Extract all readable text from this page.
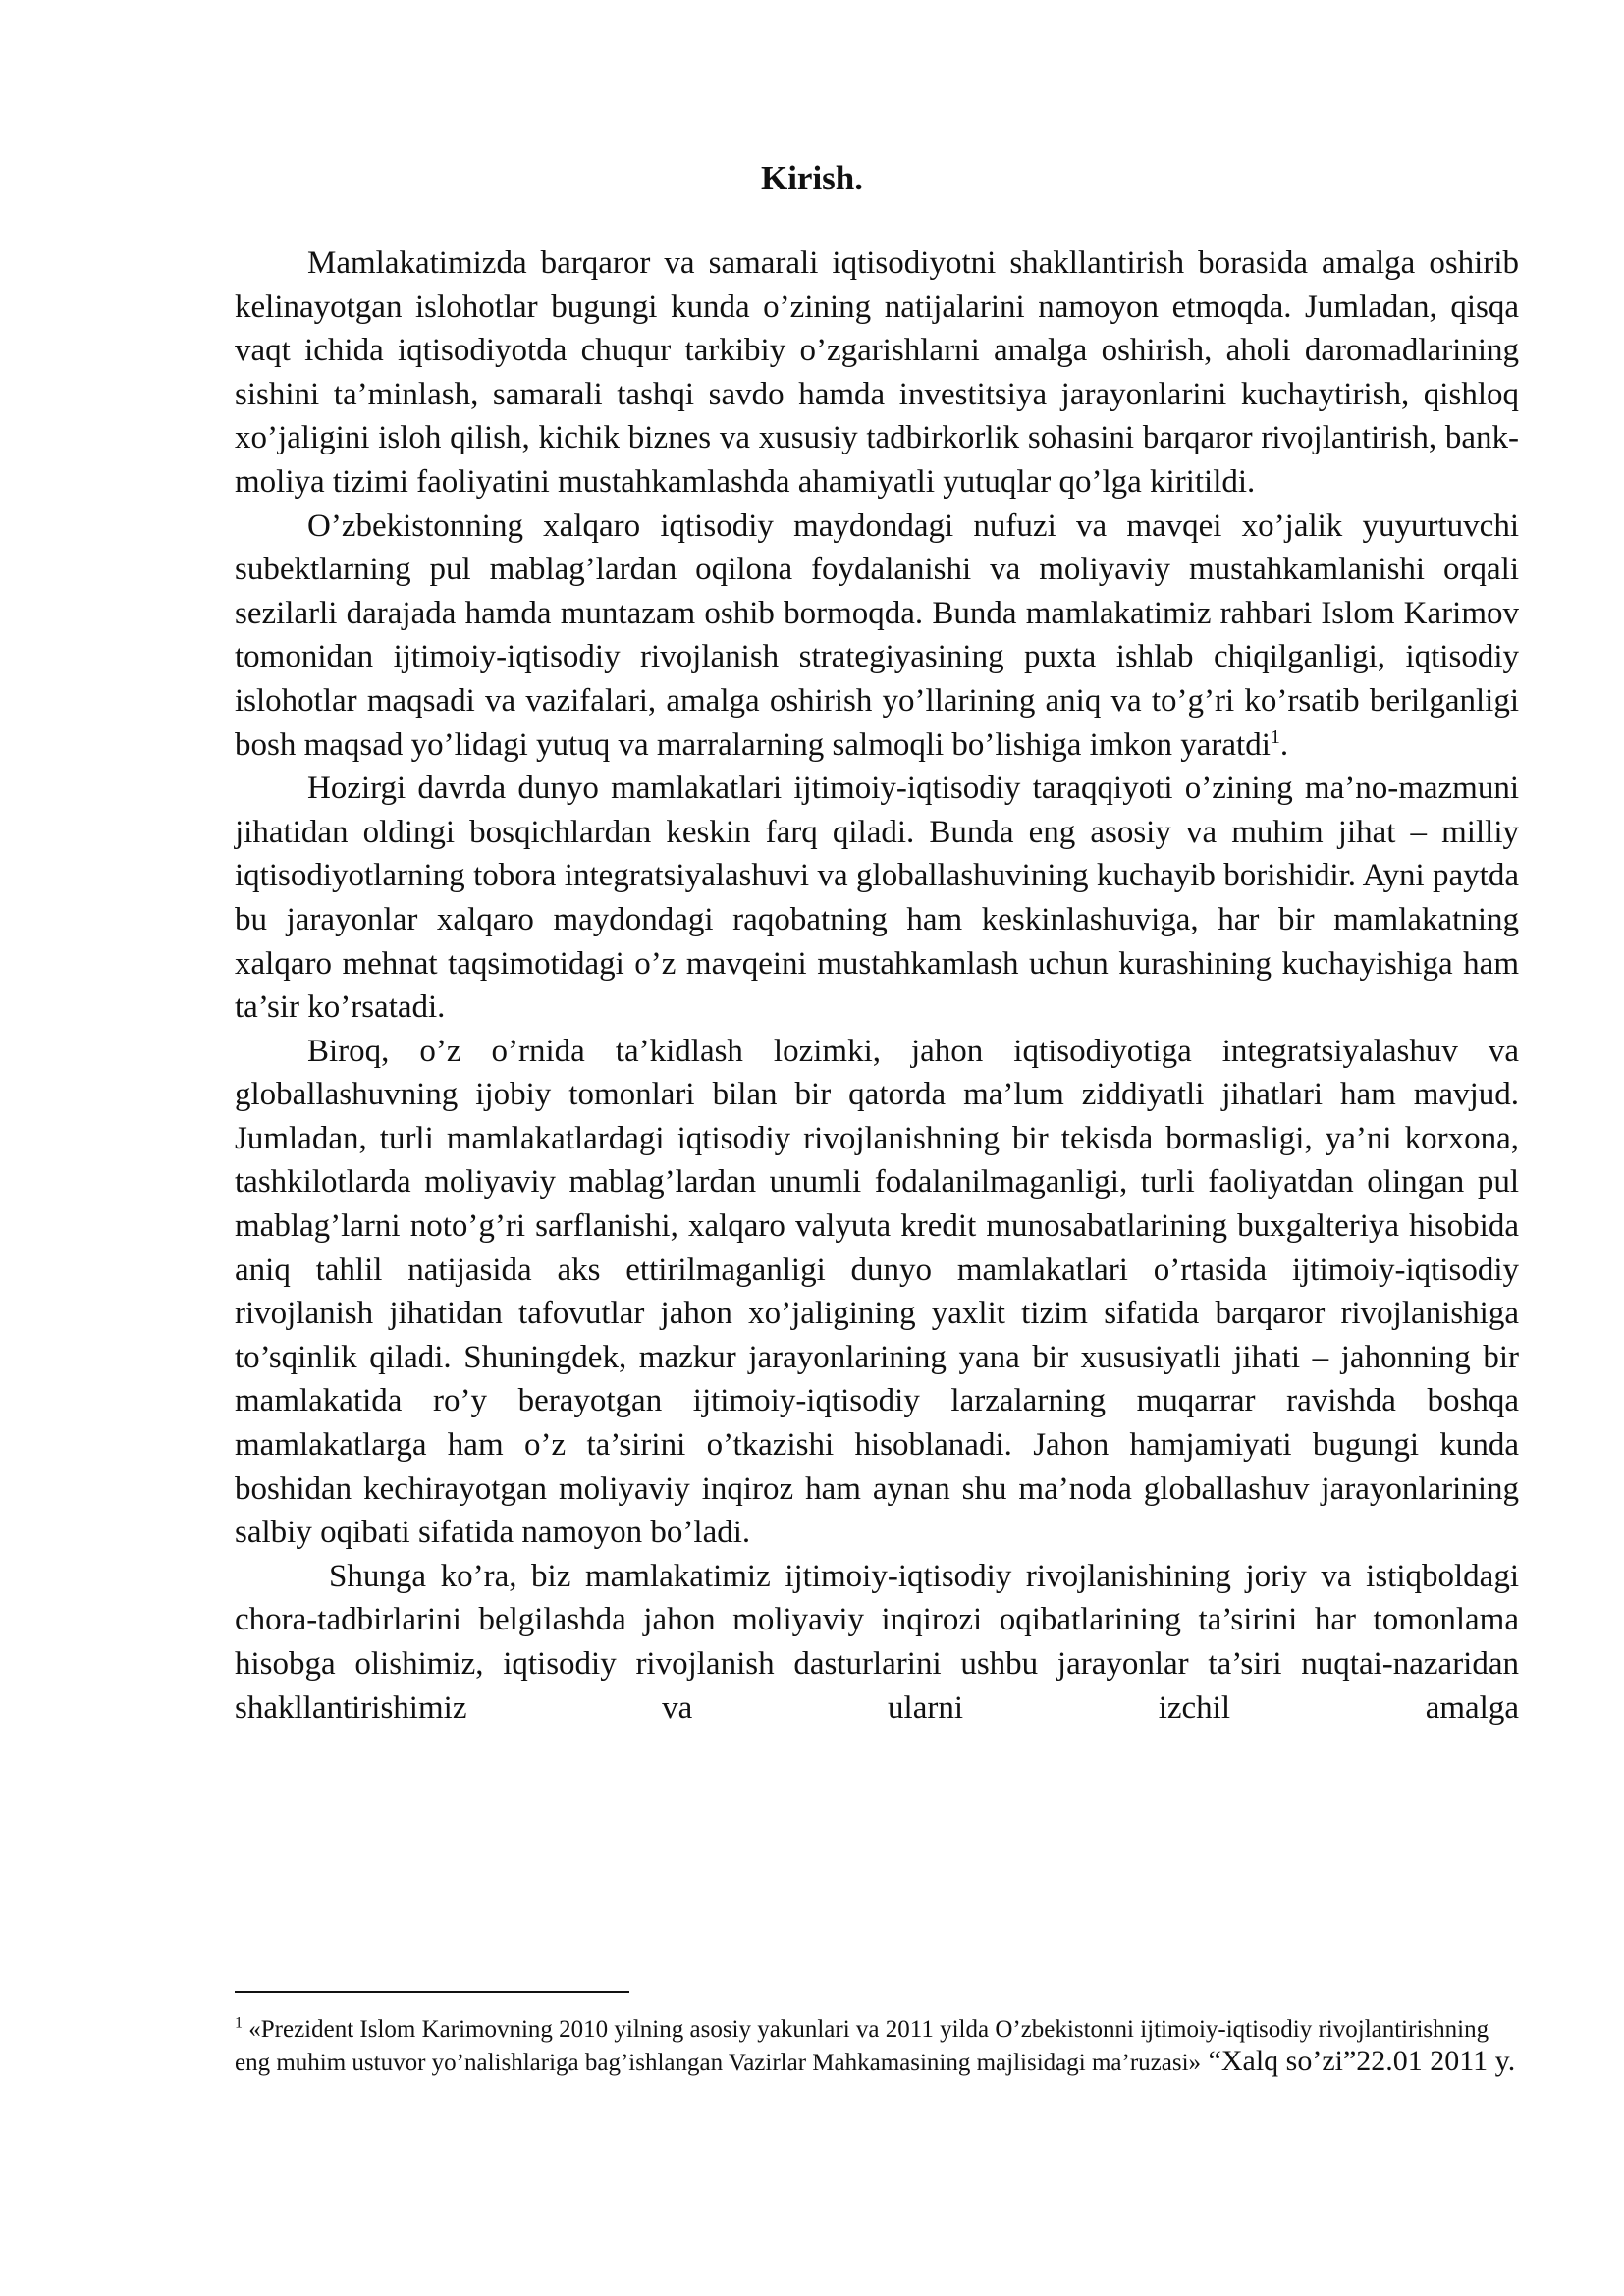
Kirish.

Mamlakatimizda barqaror va samarali iqtisodiyotni shakllantirish borasida amalga oshirib kelinayotgan islohotlar bugungi kunda o’zining natijalarini namoyon etmoqda. Jumladan, qisqa vaqt ichida iqtisodiyotda chuqur tarkibiy o’zgarishlarni amalga oshirish, aholi daromadlarining sishini ta’minlash, samarali tashqi savdo hamda investitsiya jarayonlarini kuchaytirish, qishloq xo’jaligini isloh qilish, kichik biznes va xususiy tadbirkorlik sohasini barqaror rivojlantirish, bank-moliya tizimi faoliyatini mustahkamlashda ahamiyatli yutuqlar qo’lga kiritildi.

O’zbekistonning xalqaro iqtisodiy maydondagi nufuzi va mavqei xo’jalik yuyurtuvchi subektlarning pul mablag’lardan oqilona foydalanishi va moliyaviy mustahkamlanishi orqali sezilarli darajada hamda muntazam oshib bormoqda. Bunda mamlakatimiz rahbari Islom Karimov tomonidan ijtimoiy-iqtisodiy rivojlanish strategiyasining puxta ishlab chiqilganligi, iqtisodiy islohotlar maqsadi va vazifalari, amalga oshirish yo’llarining aniq va to’g’ri ko’rsatib berilganligi bosh maqsad yo’lidagi yutuq va marralarning salmoqli bo’lishiga imkon yaratdi$^1$.

Hozirgi davrda dunyo mamlakatlari ijtimoiy-iqtisodiy taraqqiyoti o’zining ma’no-mazmuni jihatidan oldingi bosqichlardan keskin farq qiladi. Bunda eng asosiy va muhim jihat – milliy iqtisodiyotlarning tobora integratsiyalashuvi va globallashuvining kuchayib borishidir. Ayni paytda bu jarayonlar xalqaro maydondagi raqobatning ham keskinlashuviga, har bir mamlakatning xalqaro mehnat taqsimotidagi o’z mavqeini mustahkamlash uchun kurashining kuchayishiga ham ta’sir ko’rsatadi.

Biroq, o’z o’rnida ta’kidlash lozimki, jahon iqtisodiyotiga integratsiyalashuv va globallashuvning ijobiy tomonlari bilan bir qatorda ma’lum ziddiyatli jihatlari ham mavjud. Jumladan, turli mamlakatlardagi iqtisodiy rivojlanishning bir tekisda bormasligi, ya’ni korxona, tashkilotlarda moliyaviy mablag’lardan unumli fodalanilmaganligi, turli faoliyatdan olingan pul mablag’larni noto’g’ri sarflanishi, xalqaro valyuta kredit munosabatlarining buxgalteriya hisobida aniq tahlil natijasida aks ettirilmaganligi dunyo mamlakatlari o’rtasida ijtimoiy-iqtisodiy rivojlanish jihatidan tafovutlar jahon xo’jaligining yaxlit tizim sifatida barqaror rivojlanishiga to’sqinlik qiladi. Shuningdek, mazkur jarayonlarining yana bir xususiyatli jihati – jahonning bir mamlakatida ro’y berayotgan ijtimoiy-iqtisodiy larzalarning muqarrar ravishda boshqa mamlakatlarga ham o’z ta’sirini o’tkazishi hisoblanadi. Jahon hamjamiyati bugungi kunda boshidan kechirayotgan moliyaviy inqiroz ham aynan shu ma’noda globallashuv jarayonlarining salbiy oqibati sifatida namoyon bo’ladi.

Shunga ko’ra, biz mamlakatimiz ijtimoiy-iqtisodiy rivojlanishining joriy va istiqboldagi chora-tadbirlarini belgilashda jahon moliyaviy inqirozi oqibatlarining ta’sirini har tomonlama hisobga olishimiz, iqtisodiy rivojlanish dasturlarini ushbu jarayonlar ta’siri nuqtai-nazaridan shakllantirishimiz va ularni izchil amalga

$^1$ «Prezident Islom Karimovning 2010 yilning asosiy yakunlari va 2011 yilda O’zbekistonni ijtimoiy-iqtisodiy rivojlantirishning eng muhim ustuvor yo’nalishlariga bag’ishlangan Vazirlar Mahkamasining majlisidagi ma’ruzasi» “Xalq so’zi”22.01 2011 y.
